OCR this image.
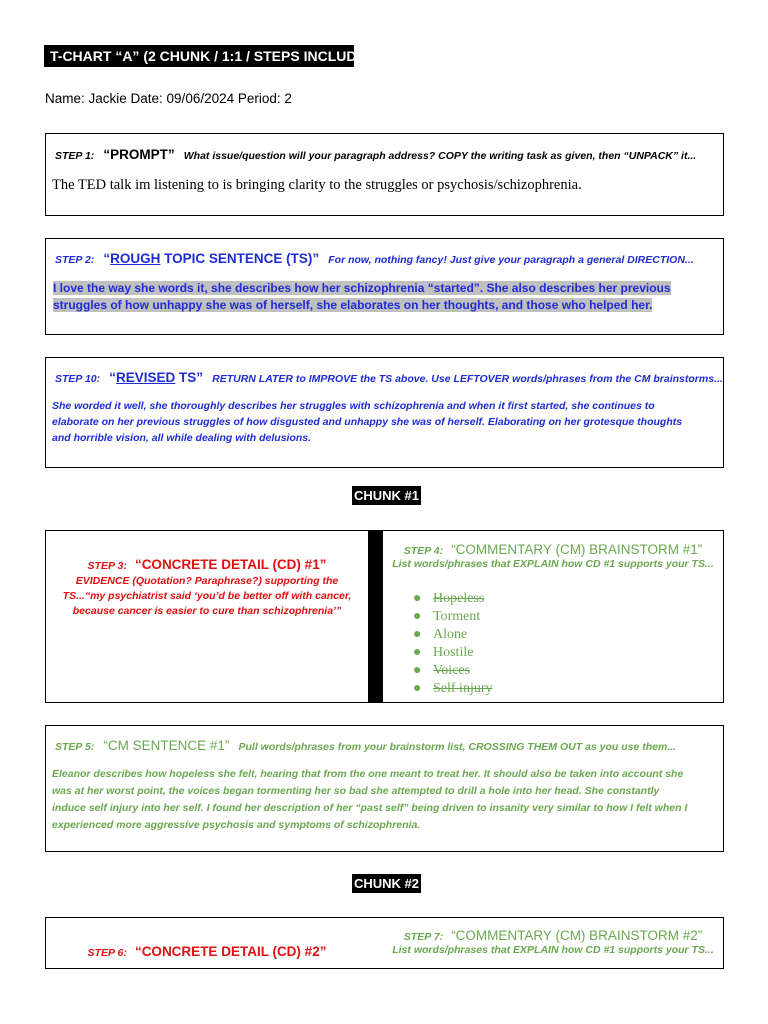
T-CHART “A” (2 CHUNK / 1:1 / STEPS INCLUDED)
Name: Jackie Date: 09/06/2024 Period: 2
STEP 1: “PROMPT” What issue/question will your paragraph address? COPY the writing task as given, then “UNPACK” it...
The TED talk im listening to is bringing clarity to the struggles or psychosis/schizophrenia.
STEP 2: “ROUGH TOPIC SENTENCE (TS)” For now, nothing fancy! Just give your paragraph a general DIRECTION...
I love the way she words it, she describes how her schizophrenia “started”. She also describes her previous
struggles of how unhappy she was of herself, she elaborates on her thoughts, and those who helped her.
STEP 10: “REVISED TS” RETURN LATER to IMPROVE the TS above. Use LEFTOVER words/phrases from the CM brainstorms...
She worded it well, she thoroughly describes her struggles with schizophrenia and when it first started, she continues to
elaborate on her previous struggles of how disgusted and unhappy she was of herself. Elaborating on her grotesque thoughts
and horrible vision, all while dealing with delusions.
CHUNK #1
STEP 3: “CONCRETE DETAIL (CD) #1”
EVIDENCE (Quotation? Paraphrase?) supporting the
TS...“my psychiatrist said ‘you’d be better off with cancer,
because cancer is easier to cure than schizophrenia’”
STEP 4: “COMMENTARY (CM) BRAINSTORM #1”
List words/phrases that EXPLAIN how CD #1 supports your TS...
● Hopeless
● Torment
● Alone
● Hostile
● Voices
● Self injury
STEP 5: “CM SENTENCE #1” Pull words/phrases from your brainstorm list, CROSSING THEM OUT as you use them...
Eleanor describes how hopeless she felt, hearing that from the one meant to treat her. It should also be taken into account she
was at her worst point, the voices began tormenting her so bad she attempted to drill a hole into her head. She constantly
induce self injury into her self. I found her description of her “past self” being driven to insanity very similar to how I felt when I
experienced more aggressive psychosis and symptoms of schizophrenia.
CHUNK #2
STEP 6: “CONCRETE DETAIL (CD) #2”
STEP 7: “COMMENTARY (CM) BRAINSTORM #2”
List words/phrases that EXPLAIN how CD #1 supports your TS...
